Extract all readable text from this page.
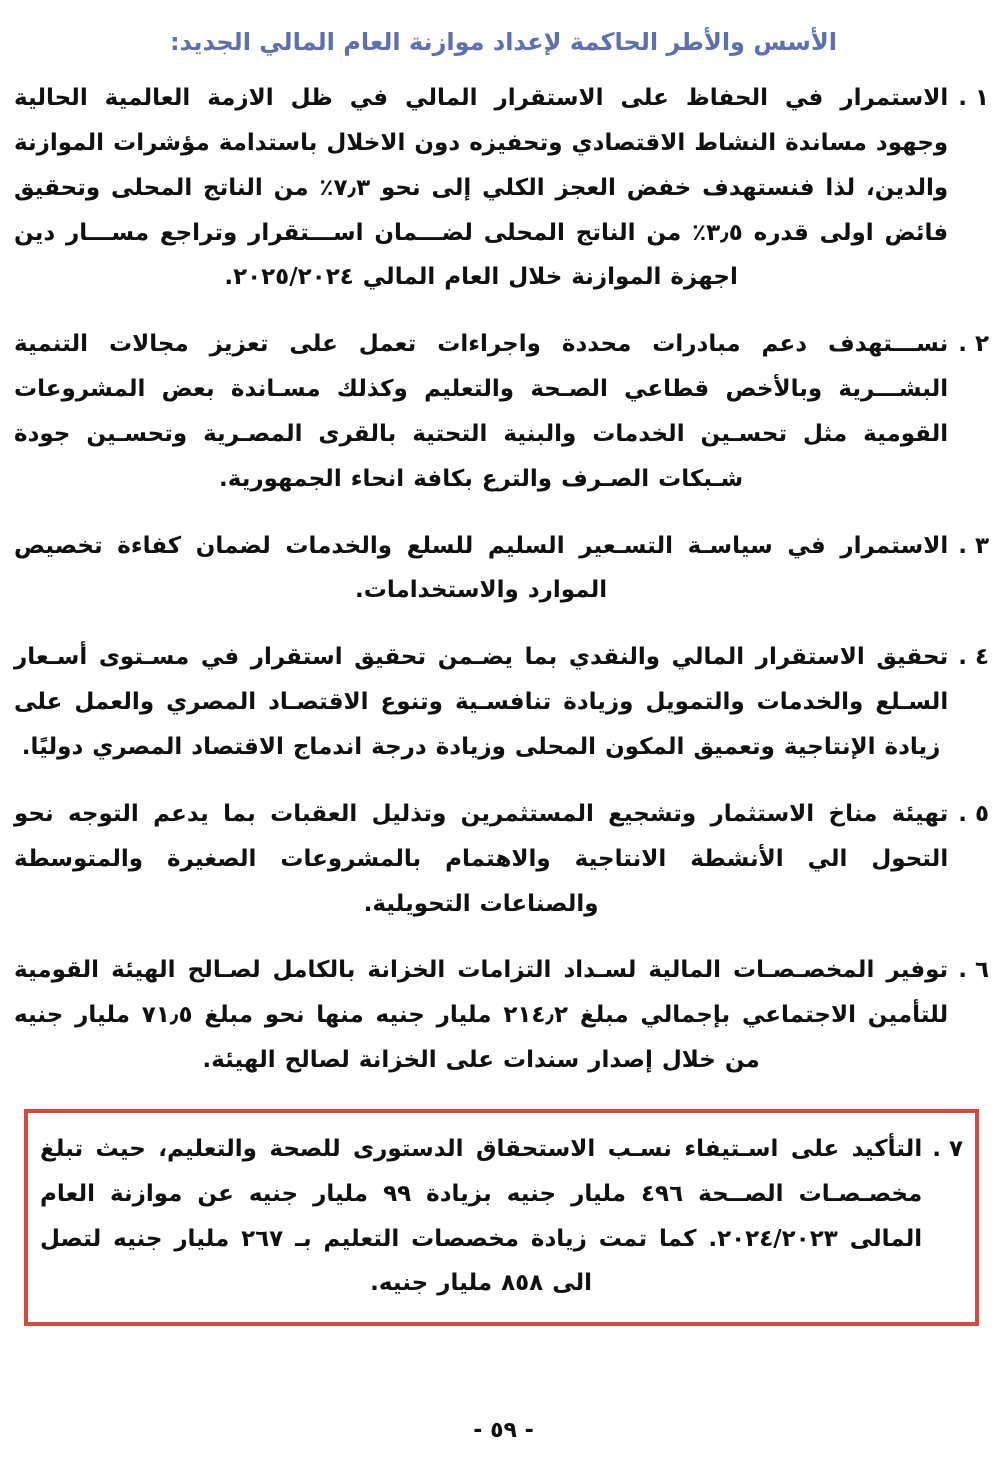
الأسس والأطر الحاكمة لإعداد موازنة العام المالي الجديد:
١ .
الاستمرار في الحفاظ على الاستقرار المالي في ظل الازمة العالمية الحالية وجهود مساندة النشاط الاقتصادي وتحفيزه دون الاخلال باستدامة مؤشرات الموازنة والدين، لذا فنستهدف خفض العجز الكلي إلى نحو ٧٫٣٪ من الناتج المحلى وتحقيق فائض اولى قدره ٣٫٥٪ من الناتج المحلى لضـــمان اســـتقرار وتراجع مســـار دين اجهزة الموازنة خلال العام المالي ٢٠٢٥/٢٠٢٤.
٢ .
نســـتهدف دعم مبادرات محددة واجراءات تعمل على تعزيز مجالات التنمية البشـــرية وبالأخص قطاعي الصـحة والتعليم وكذلك مسـاندة بعض المشروعات القومية مثل تحسـين الخدمات والبنية التحتية بالقرى المصـرية وتحسـين جودة شـبكات الصـرف والترع بكافة انحاء الجمهورية.
٣ .
الاستمرار في سياسـة التسـعير السليم للسلع والخدمات لضمان كفاءة تخصيص الموارد والاستخدامات.
٤ .
تحقيق الاستقرار المالي والنقدي بما يضـمن تحقيق استقرار في مسـتوى أسـعار السـلع والخدمات والتمويل وزيادة تنافسـية وتنوع الاقتصـاد المصري والعمل على زيادة الإنتاجية وتعميق المكون المحلى وزيادة درجة اندماج الاقتصاد المصري دوليًا.
٥ .
تهيئة مناخ الاستثمار وتشجيع المستثمرين وتذليل العقبات بما يدعم التوجه نحو التحول الي الأنشطة الانتاجية والاهتمام بالمشروعات الصغيرة والمتوسطة والصناعات التحويلية.
٦ .
توفير المخصـصـات المالية لسـداد التزامات الخزانة بالكامل لصـالح الهيئة القومية للتأمين الاجتماعي بإجمالي مبلغ ٢١٤٫٢ مليار جنيه منها نحو مبلغ ٧١٫٥ مليار جنيه من خلال إصدار سندات على الخزانة لصالح الهيئة.
٧ .
التأكيد على اسـتيفاء نسـب الاستحقاق الدستورى للصحة والتعليم، حيث تبلغ مخصـصـات الصــحة ٤٩٦ مليار جنيه بزيادة ٩٩ مليار جنيه عن موازنة العام المالى ٢٠٢٤/٢٠٢٣. كما تمت زيادة مخصصات التعليم بـ ٢٦٧ مليار جنيه لتصل الى ٨٥٨ مليار جنيه.
‐ ٥٩ ‐
